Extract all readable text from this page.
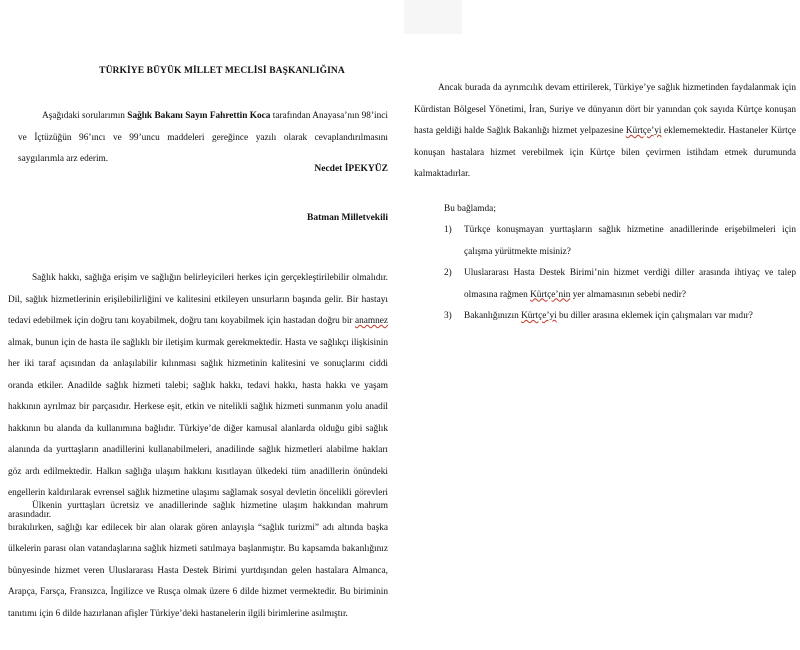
TÜRKİYE BÜYÜK MİLLET MECLİSİ BAŞKANLIĞINA
Aşağıdaki sorularımın Sağlık Bakanı Sayın Fahrettin Koca tarafından Anayasa’nın 98’inci ve İçtüzüğün 96’ıncı ve 99’uncu maddeleri gereğince yazılı olarak cevaplandırılmasını saygılarımla arz ederim.
Necdet İPEKYÜZ
Batman Milletvekili
Sağlık hakkı, sağlığa erişim ve sağlığın belirleyicileri herkes için gerçekleştirilebilir olmalıdır. Dil, sağlık hizmetlerinin erişilebilirliğini ve kalitesini etkileyen unsurların başında gelir. Bir hastayı tedavi edebilmek için doğru tanı koyabilmek, doğru tanı koyabilmek için hastadan doğru bir anamnez almak, bunun için de hasta ile sağlıklı bir iletişim kurmak gerekmektedir. Hasta ve sağlıkçı ilişkisinin her iki taraf açısından da anlaşılabilir kılınması sağlık hizmetinin kalitesini ve sonuçlarını ciddi oranda etkiler. Anadilde sağlık hizmeti talebi; sağlık hakkı, tedavi hakkı, hasta hakkı ve yaşam hakkının ayrılmaz bir parçasıdır. Herkese eşit, etkin ve nitelikli sağlık hizmeti sunmanın yolu anadil hakkının bu alanda da kullanımına bağlıdır. Türkiye’de diğer kamusal alanlarda olduğu gibi sağlık alanında da yurttaşların anadillerini kullanabilmeleri, anadilinde sağlık hizmetleri alabilme hakları göz ardı edilmektedir. Halkın sağlığa ulaşım hakkını kısıtlayan ülkedeki tüm anadillerin önündeki engellerin kaldırılarak evrensel sağlık hizmetine ulaşımı sağlamak sosyal devletin öncelikli görevleri arasındadır.
Ülkenin yurttaşları ücretsiz ve anadillerinde sağlık hizmetine ulaşım hakkından mahrum bırakılırken, sağlığı kar edilecek bir alan olarak gören anlayışla “sağlık turizmi” adı altında başka ülkelerin parası olan vatandaşlarına sağlık hizmeti satılmaya başlanmıştır. Bu kapsamda bakanlığınız bünyesinde hizmet veren Uluslararası Hasta Destek Birimi yurtdışından gelen hastalara Almanca, Arapça, Farsça, Fransızca, İngilizce ve Rusça olmak üzere 6 dilde hizmet vermektedir. Bu biriminin tanıtımı için 6 dilde hazırlanan afişler Türkiye’deki hastanelerin ilgili birimlerine asılmıştır.
Ancak burada da ayrımcılık devam ettirilerek, Türkiye’ye sağlık hizmetinden faydalanmak için Kürdistan Bölgesel Yönetimi, İran, Suriye ve dünyanın dört bir yanından çok sayıda Kürtçe konuşan hasta geldiği halde Sağlık Bakanlığı hizmet yelpazesine Kürtçe’yi eklememektedir. Hastaneler Kürtçe konuşan hastalara hizmet verebilmek için Kürtçe bilen çevirmen istihdam etmek durumunda kalmaktadırlar.
Bu bağlamda;
1) Türkçe konuşmayan yurttaşların sağlık hizmetine anadillerinde erişebilmeleri için çalışma yürütmekte misiniz?
2) Uluslararası Hasta Destek Birimi’nin hizmet verdiği diller arasında ihtiyaç ve talep olmasına rağmen Kürtçe’nin yer almamasının sebebi nedir?
3) Bakanlığınızın Kürtçe’yi bu diller arasına eklemek için çalışmaları var mıdır?
